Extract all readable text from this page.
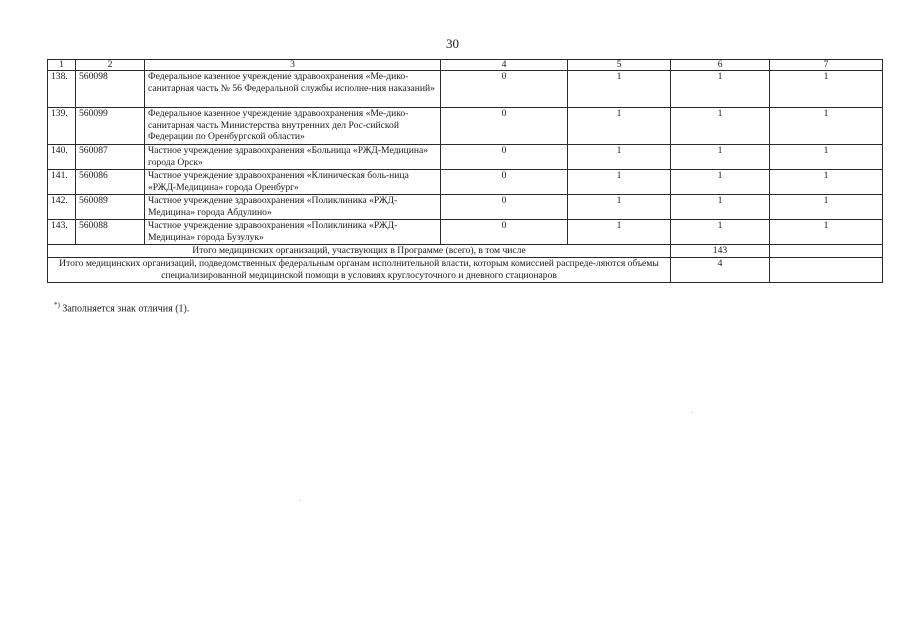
30
1	2	3	4	5	6	7
138.	560098	Федеральное казенное учреждение здравоохранения «Ме-дико-санитарная часть № 56 Федеральной службы исполне-ния наказаний»	0	1	1	1
139.	560099	Федеральное казенное учреждение здравоохранения «Ме-дико-санитарная часть Министерства внутренних дел Рос-сийской Федерации по Оренбургской области»	0	1	1	1
140.	560087	Частное учреждение здравоохранения «Больница «РЖД-Медицина» города Орск»	0	1	1	1
141.	560086	Частное учреждение здравоохранения «Клиническая боль-ница «РЖД-Медицина» города Оренбург»	0	1	1	1
142.	560089	Частное учреждение здравоохранения «Поликлиника «РЖД-Медицина» города Абдулино»	0	1	1	1
143.	560088	Частное учреждение здравоохранения «Поликлиника «РЖД-Медицина» города Бузулук»	0	1	1	1
Итого медицинских организаций, участвующих в Программе (всего), в том числе					143	
Итого медицинских организаций, подведомственных федеральным органам исполнительной власти, которым комиссией распреде-ляются объемы специализированной медицинской помощи в условиях круглосуточного и дневного стационаров					4	
*) Заполняется знак отличия (1).
